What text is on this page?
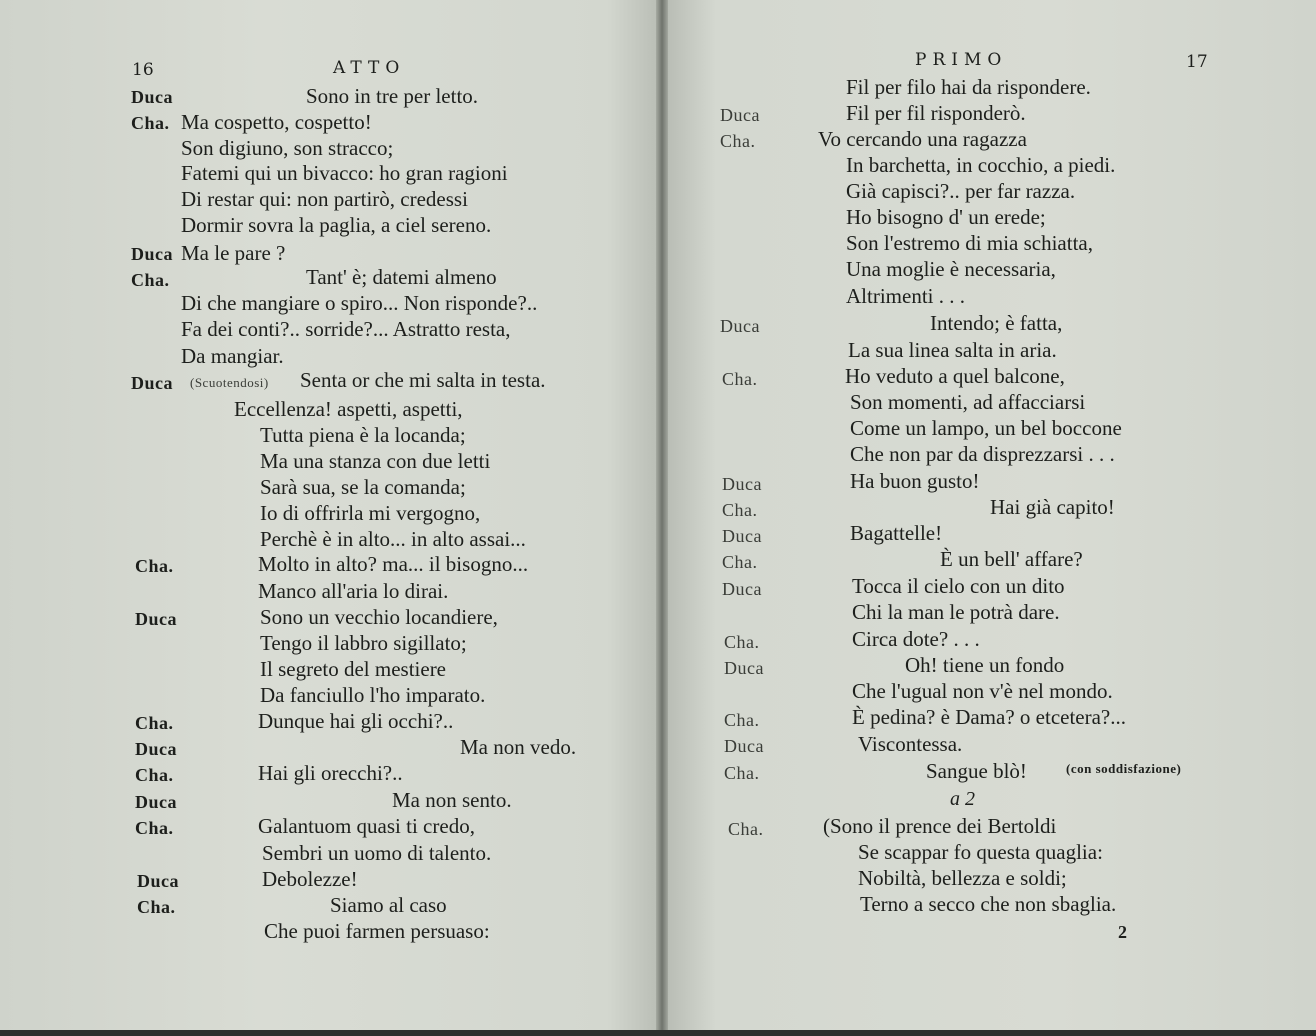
16	ATTO
Duca	Sono in tre per letto.
Cha. Ma cospetto, cospetto!
Son digiuno, son stracco;
Fatemi qui un bivacco: ho gran ragioni
Di restar qui: non partirò, credessi
Dormir sovra la paglia, a ciel sereno.
Duca Ma le pare ?
Cha.	Tant' è; datemi almeno
Di che mangiare o spiro... Non risponde?..
Fa dei conti?.. sorride?... Astratto resta,
Da mangiar.
Duca (Scuotendosi) Senta or che mi salta in testa.
Eccellenza! aspetti, aspetti,
Tutta piena è la locanda;
Ma una stanza con due letti
Sarà sua, se la comanda;
Io di offrirla mi vergogno,
Perchè è in alto... in alto assai...
Cha.	Molto in alto? ma... il bisogno...
Manco all'aria lo dirai.
Duca	Sono un vecchio locandiere,
Tengo il labbro sigillato;
Il segreto del mestiere
Da fanciullo l'ho imparato.
Cha.	Dunque hai gli occhi?..
Duca	Ma non vedo.
Cha.	Hai gli orecchi?..
Duca	Ma non sento.
Cha.	Galantuom quasi ti credo,
Sembri un uomo di talento.
Duca	Debolezze!
Cha.	Siamo al caso
Che puoi farmen persuaso:
PRIMO	17
Fil per filo hai da rispondere.
Duca	Fil per fil risponderò.
Cha.	Vo cercando una ragazza
In barchetta, in cocchio, a piedi.
Già capisci?.. per far razza.
Ho bisogno d' un erede;
Son l'estremo di mia schiatta,
Una moglie è necessaria,
Altrimenti . . .
Duca	Intendo; è fatta,
La sua linea salta in aria.
Cha.	Ho veduto a quel balcone,
Son momenti, ad affacciarsi
Come un lampo, un bel boccone
Che non par da disprezzarsi . . .
Duca	Ha buon gusto!
Cha.	Hai già capito!
Duca	Bagattelle!
Cha.	È un bell' affare?
Duca	Tocca il cielo con un dito
Chi la man le potrà dare.
Cha.	Circa dote? . . .
Duca	Oh! tiene un fondo
Che l'ugual non v'è nel mondo.
Cha.	È pedina? è Dama? o etcetera?...
Duca	Viscontessa.
Cha.	Sangue blò!	(con soddisfazione)
a 2
Cha.	(Sono il prence dei Bertoldi
Se scappar fo questa quaglia:
Nobiltà, bellezza e soldi;
Terno a secco che non sbaglia.
2
